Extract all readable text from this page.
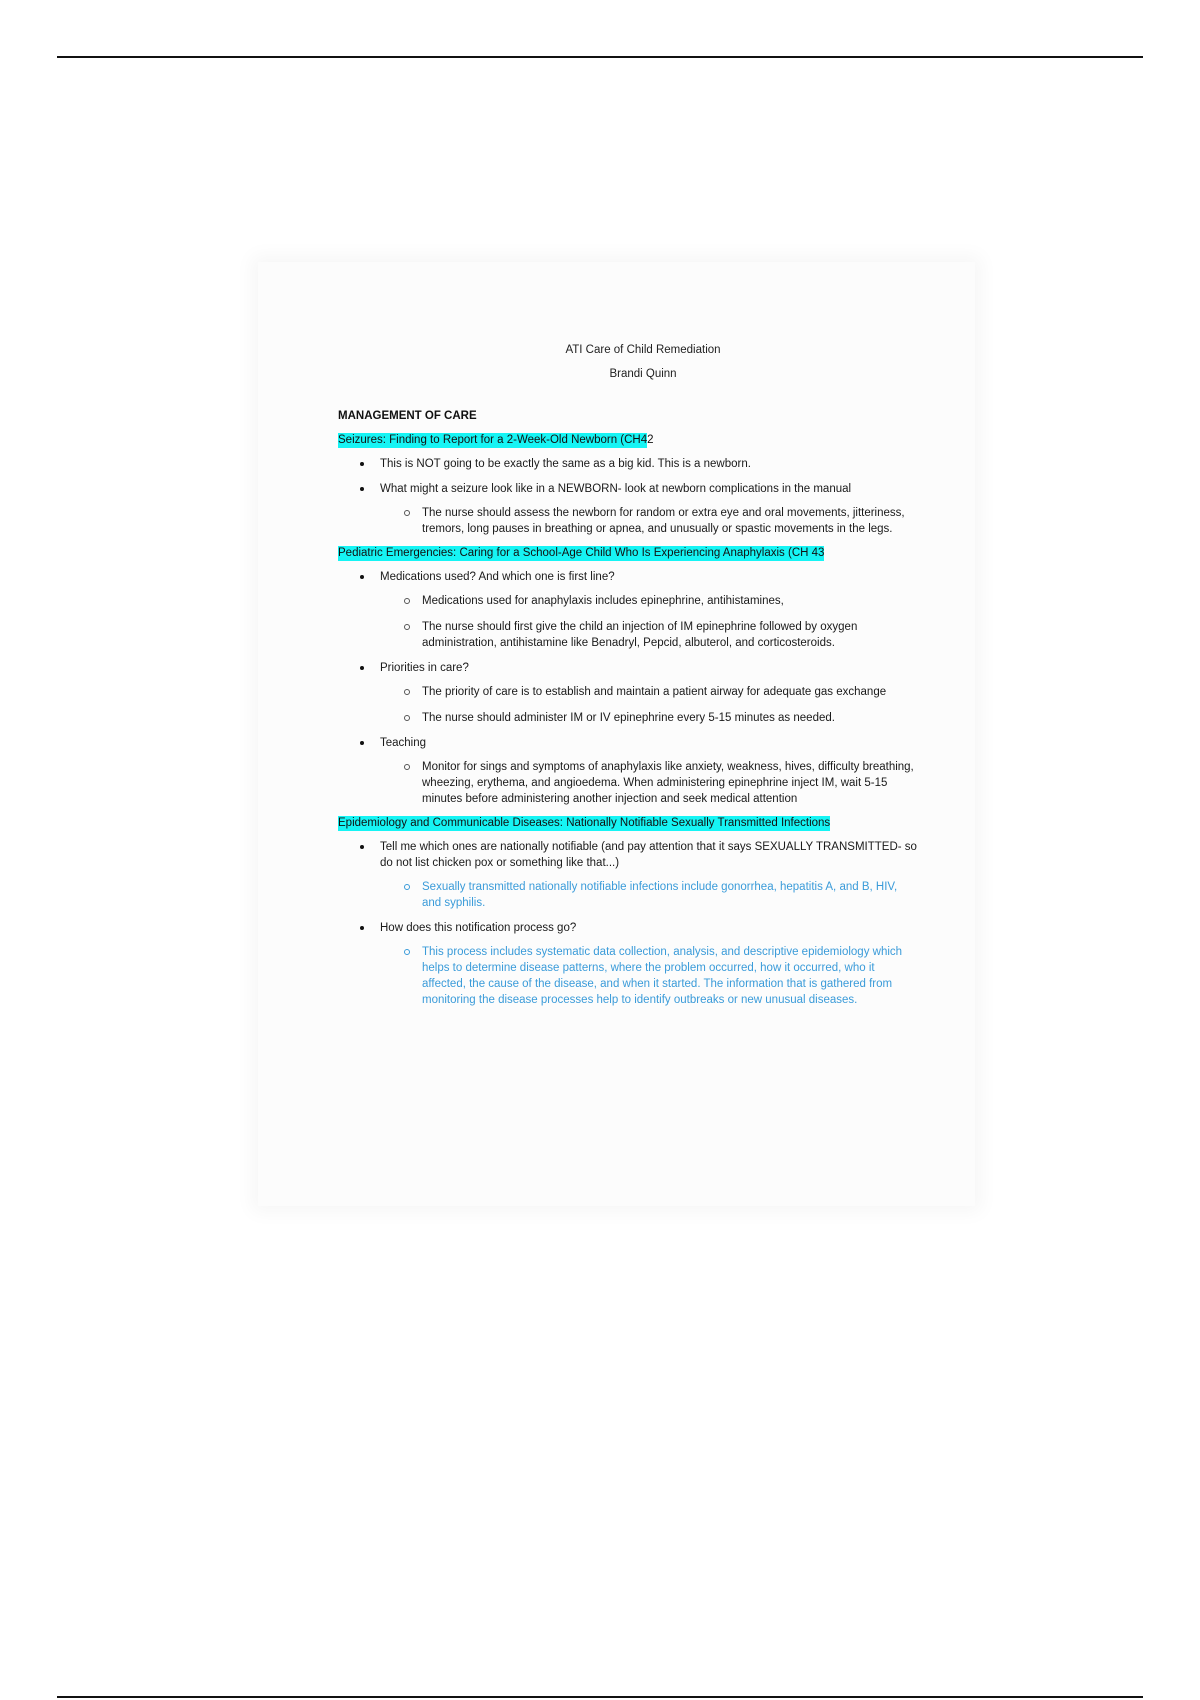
ATI Care of Child Remediation

Brandi Quinn

MANAGEMENT OF CARE
Seizures: Finding to Report for a 2-Week-Old Newborn (CH42
This is NOT going to be exactly the same as a big kid. This is a newborn.
What might a seizure look like in a NEWBORN- look at newborn complications in the manual
The nurse should assess the newborn for random or extra eye and oral movements, jitteriness, tremors, long pauses in breathing or apnea, and unusually or spastic movements in the legs.
Pediatric Emergencies: Caring for a School-Age Child Who Is Experiencing Anaphylaxis (CH 43
Medications used? And which one is first line?
Medications used for anaphylaxis includes epinephrine, antihistamines,
The nurse should first give the child an injection of IM epinephrine followed by oxygen administration, antihistamine like Benadryl, Pepcid, albuterol, and corticosteroids.
Priorities in care?
The priority of care is to establish and maintain a patient airway for adequate gas exchange
The nurse should administer IM or IV epinephrine every 5-15 minutes as needed.
Teaching
Monitor for sings and symptoms of anaphylaxis like anxiety, weakness, hives, difficulty breathing, wheezing, erythema, and angioedema. When administering epinephrine inject IM, wait 5-15 minutes before administering another injection and seek medical attention
Epidemiology and Communicable Diseases: Nationally Notifiable Sexually Transmitted Infections
Tell me which ones are nationally notifiable (and pay attention that it says SEXUALLY TRANSMITTED- so do not list chicken pox or something like that...)
Sexually transmitted nationally notifiable infections include gonorrhea, hepatitis A, and B, HIV, and syphilis.
How does this notification process go?
This process includes systematic data collection, analysis, and descriptive epidemiology which helps to determine disease patterns, where the problem occurred, how it occurred, who it affected, the cause of the disease, and when it started. The information that is gathered from monitoring the disease processes help to identify outbreaks or new unusual diseases.
